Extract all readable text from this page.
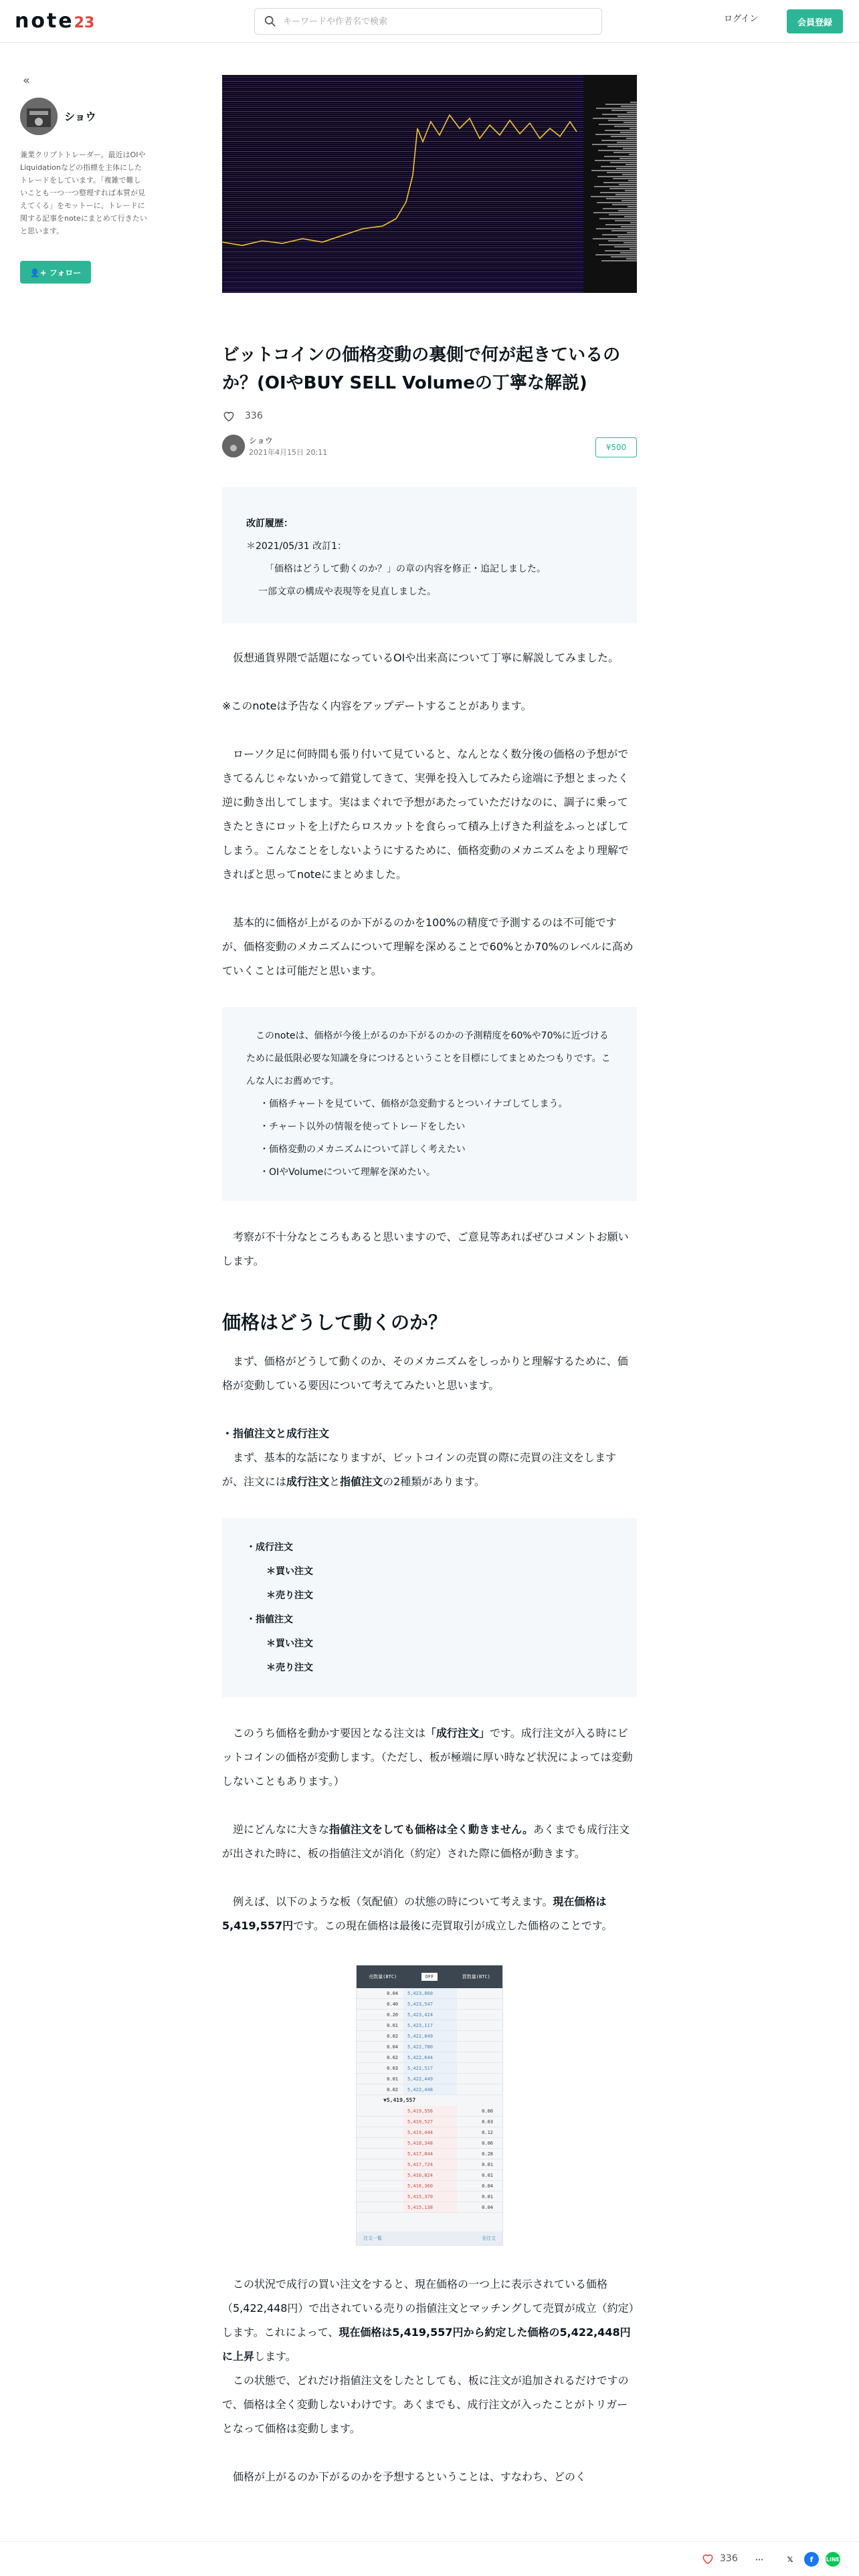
note23
キーワードや作者名で検索	ログイン	会員登録
«
ショウ
兼業クリプトトレーダー。最近はOIやLiquidationなどの指標を主体にしたトレードをしています。「複雑で難しいことも一つ一つ整理すれば本質が見えてくる」をモットーに、トレードに関する記事をnoteにまとめて行きたいと思います。
👤+ フォロー
ビットコインの価格変動の裏側で何が起きているのか？(OIやBUY SELL Volumeの丁寧な解説)
336
ショウ
2021年4月15日 20:11
¥500
改訂履歴：
＊2021/05/31 改訂1：
「価格はどうして動くのか？」の章の内容を修正・追記しました。
一部文章の構成や表現等を見直しました。

仮想通貨界隈で話題になっているOIや出来高について丁寧に解説してみました。

※このnoteは予告なく内容をアップデートすることがあります。

ローソク足に何時間も張り付いて見ていると、なんとなく数分後の価格の予想ができてるんじゃないかって錯覚してきて、実弾を投入してみたら途端に予想とまったく逆に動き出してします。実はまぐれで予想があたっていただけなのに、調子に乗ってきたときにロットを上げたらロスカットを食らって積み上げきた利益をふっとばしてしまう。こんなことをしないようにするために、価格変動のメカニズムをより理解できればと思ってnoteにまとめました。

基本的に価格が上がるのか下がるのかを100%の精度で予測するのは不可能ですが、価格変動のメカニズムについて理解を深めることで60%とか70%のレベルに高めていくことは可能だと思います。

このnoteは、価格が今後上がるのか下がるのかの予測精度を60%や70%に近づけるために最低限必要な知識を身につけるということを目標にしてまとめたつもりです。こんな人にお薦めです。
・価格チャートを見ていて、価格が急変動するとついイナゴしてしまう。
・チャート以外の情報を使ってトレードをしたい
・価格変動のメカニズムについて詳しく考えたい
・OIやVolumeについて理解を深めたい。

考察が不十分なところもあると思いますので、ご意見等あればぜひコメントお願いします。

価格はどうして動くのか？

まず、価格がどうして動くのか、そのメカニズムをしっかりと理解するために、価格が変動している要因について考えてみたいと思います。

・指値注文と成行注文

まず、基本的な話になりますが、ビットコインの売買の際に売買の注文をしますが、注文には成行注文と指値注文の2種類があります。

・成行注文
＊買い注文
＊売り注文
・指値注文
＊買い注文
＊売り注文

このうち価格を動かす要因となる注文は「成行注文」です。成行注文が入る時にビットコインの価格が変動します。（ただし、板が極端に厚い時など状況によっては変動しないこともあります。）

逆にどんなに大きな指値注文をしても価格は全く動きません。あくまでも成行注文が出された時に、板の指値注文が消化（約定）された際に価格が動きます。

例えば、以下のような板（気配値）の状態の時について考えます。現在価格は5,419,557円です。この現在価格は最後に売買取引が成立した価格のことです。

売数量(BTC)	OFF	買数量(BTC)
0.04	5,423,860
0.40	5,423,547
0.20	5,423,424
0.01	5,423,117
0.02	5,422,849
0.04	5,422,780
0.02	5,422,644
0.03	5,422,517
0.01	5,422,449
0.02	5,422,448
▼5,419,557
5,419,556	0.00
5,419,527	0.03
5,419,444	0.12
5,418,348	0.06
5,417,844	0.28
5,417,724	0.01
5,416,824	0.01
5,416,360	0.04
5,415,370	0.01
5,415,138	0.04
注文一覧	全注文

この状況で成行の買い注文をすると、現在価格の一つ上に表示されている価格（5,422,448円）で出されている売りの指値注文とマッチングして売買が成立（約定）します。これによって、現在価格は5,419,557円から約定した価格の5,422,448円に上昇します。

この状態で、どれだけ指値注文をしたとしても、板に注文が追加されるだけですので、価格は全く変動しないわけです。あくまでも、成行注文が入ったことがトリガーとなって価格は変動します。

価格が上がるのか下がるのかを予想するということは、すなわち、どのく

336	···	𝕏	f	LINE
